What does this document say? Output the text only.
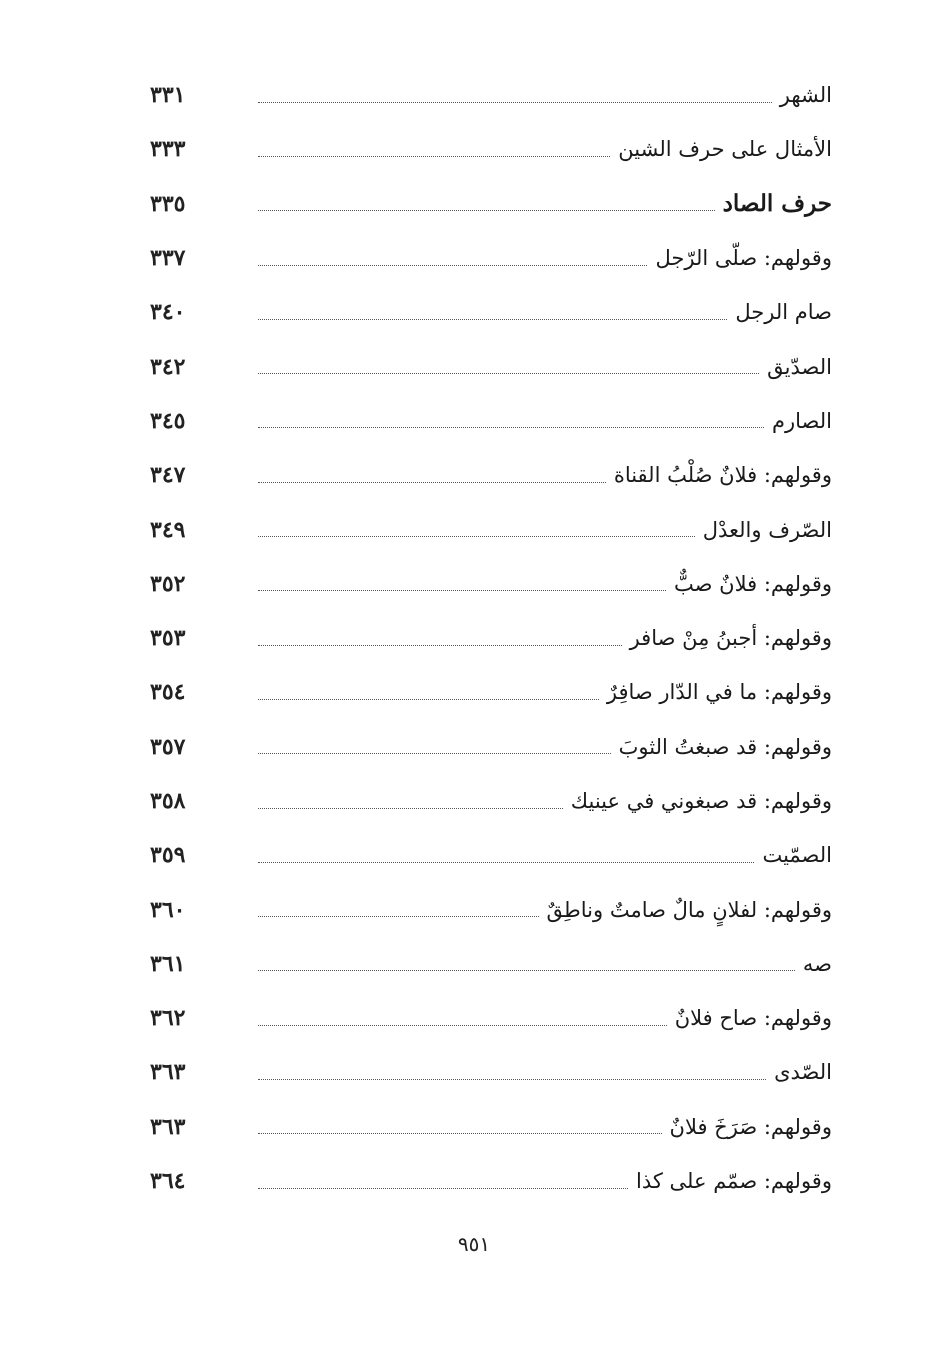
٣٣١	الشهر
٣٣٣	الأمثال على حرف الشين
٣٣٥	حرف الصاد
٣٣٧	وقولهم: صلّى الرّجل
٣٤٠	صام الرجل
٣٤٢	الصدّيق
٣٤٥	الصارم
٣٤٧	وقولهم: فلانٌ صُلْبُ القناة
٣٤٩	الصّرف والعدْل
٣٥٢	وقولهم: فلانٌ صبٌّ
٣٥٣	وقولهم: أجبنُ مِنْ صافر
٣٥٤	وقولهم: ما في الدّار صافِرٌ
٣٥٧	وقولهم: قد صبغتُ الثوبَ
٣٥٨	وقولهم: قد صبغوني في عينيك
٣٥٩	الصمّيت
٣٦٠	وقولهم: لفلانٍ مالٌ صامتٌ وناطِقٌ
٣٦١	صه
٣٦٢	وقولهم: صاح فلانٌ
٣٦٣	الصّدى
٣٦٣	وقولهم: صَرَخَ فلانٌ
٣٦٤	وقولهم: صمّم على كذا
٩٥١
